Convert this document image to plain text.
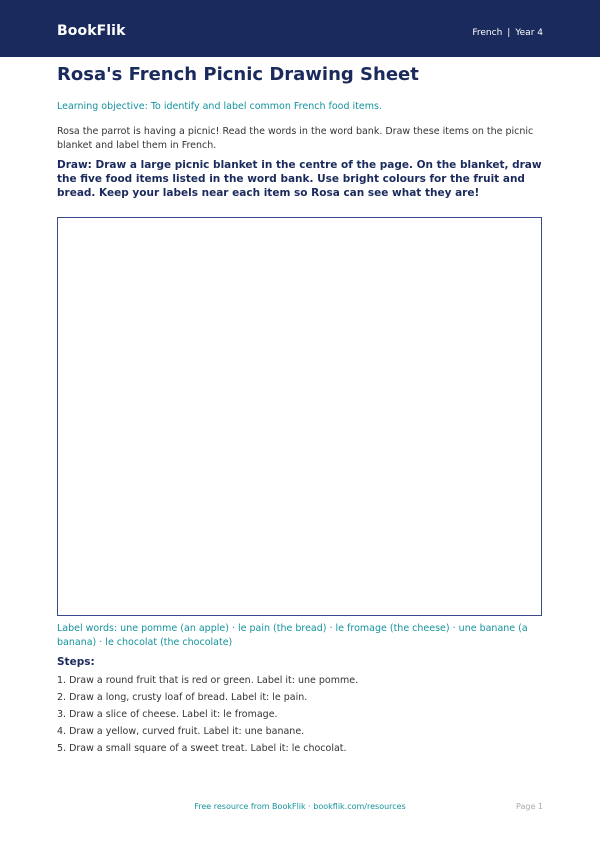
BookFlik	French | Year 4
Rosa's French Picnic Drawing Sheet
Learning objective: To identify and label common French food items.
Rosa the parrot is having a picnic! Read the words in the word bank. Draw these items on the picnic blanket and label them in French.
Draw: Draw a large picnic blanket in the centre of the page. On the blanket, draw the five food items listed in the word bank. Use bright colours for the fruit and bread. Keep your labels near each item so Rosa can see what they are!
Label words: une pomme (an apple) · le pain (the bread) · le fromage (the cheese) · une banane (a banana) · le chocolat (the chocolate)
Steps:
1. Draw a round fruit that is red or green. Label it: une pomme.
2. Draw a long, crusty loaf of bread. Label it: le pain.
3. Draw a slice of cheese. Label it: le fromage.
4. Draw a yellow, curved fruit. Label it: une banane.
5. Draw a small square of a sweet treat. Label it: le chocolat.
Free resource from BookFlik · bookflik.com/resources	Page 1
